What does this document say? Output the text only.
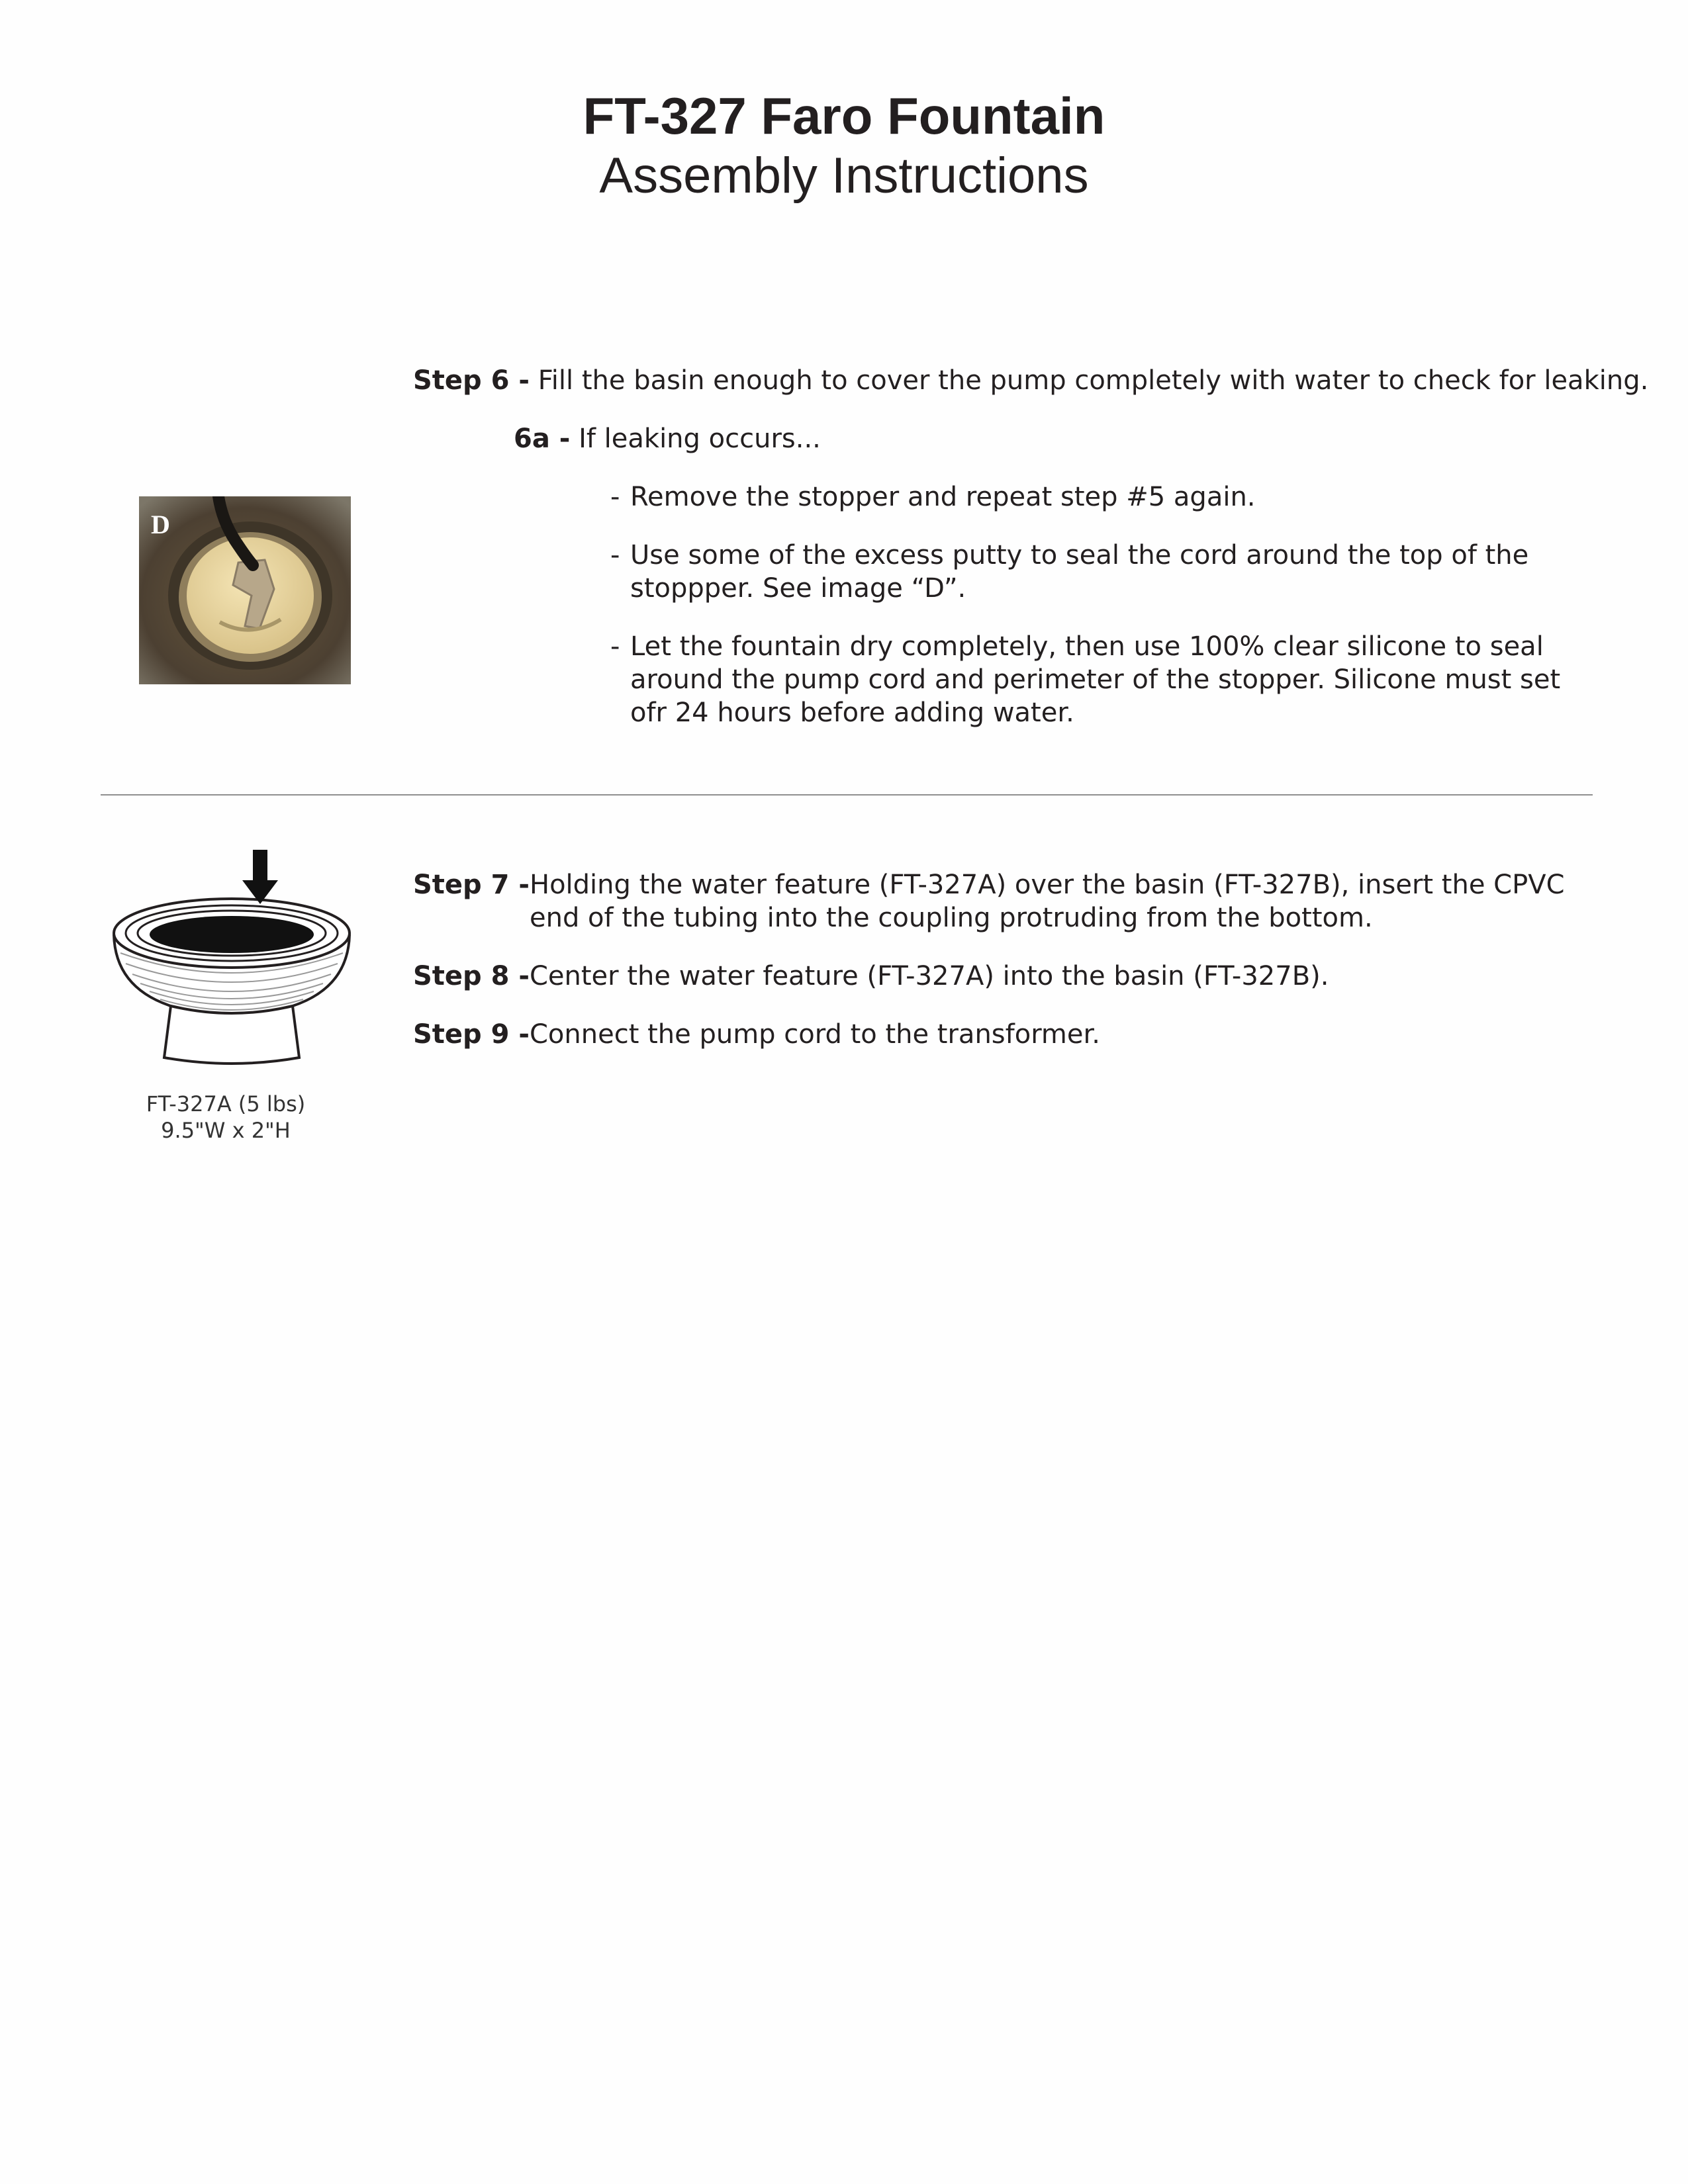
FT-327 Faro Fountain
Assembly Instructions
Step 6 - Fill the basin enough to cover the pump completely with water to check for leaking.
6a - If leaking occurs...
- Remove the stopper and repeat step #5 again.
- Use some of the excess putty to seal the cord around the top of the stoppper. See image “D”.
- Let the fountain dry completely, then use 100% clear silicone to seal around the pump cord and perimeter of the stopper. Silicone must set ofr 24 hours before adding water.
D
FT-327A (5 lbs)
9.5"W x 2"H
Step 7 - Holding the water feature (FT-327A) over the basin (FT-327B), insert the CPVC end of the tubing into the coupling protruding from the bottom.
Step 8 - Center the water feature (FT-327A) into the basin (FT-327B).
Step 9 - Connect the pump cord to the transformer.
